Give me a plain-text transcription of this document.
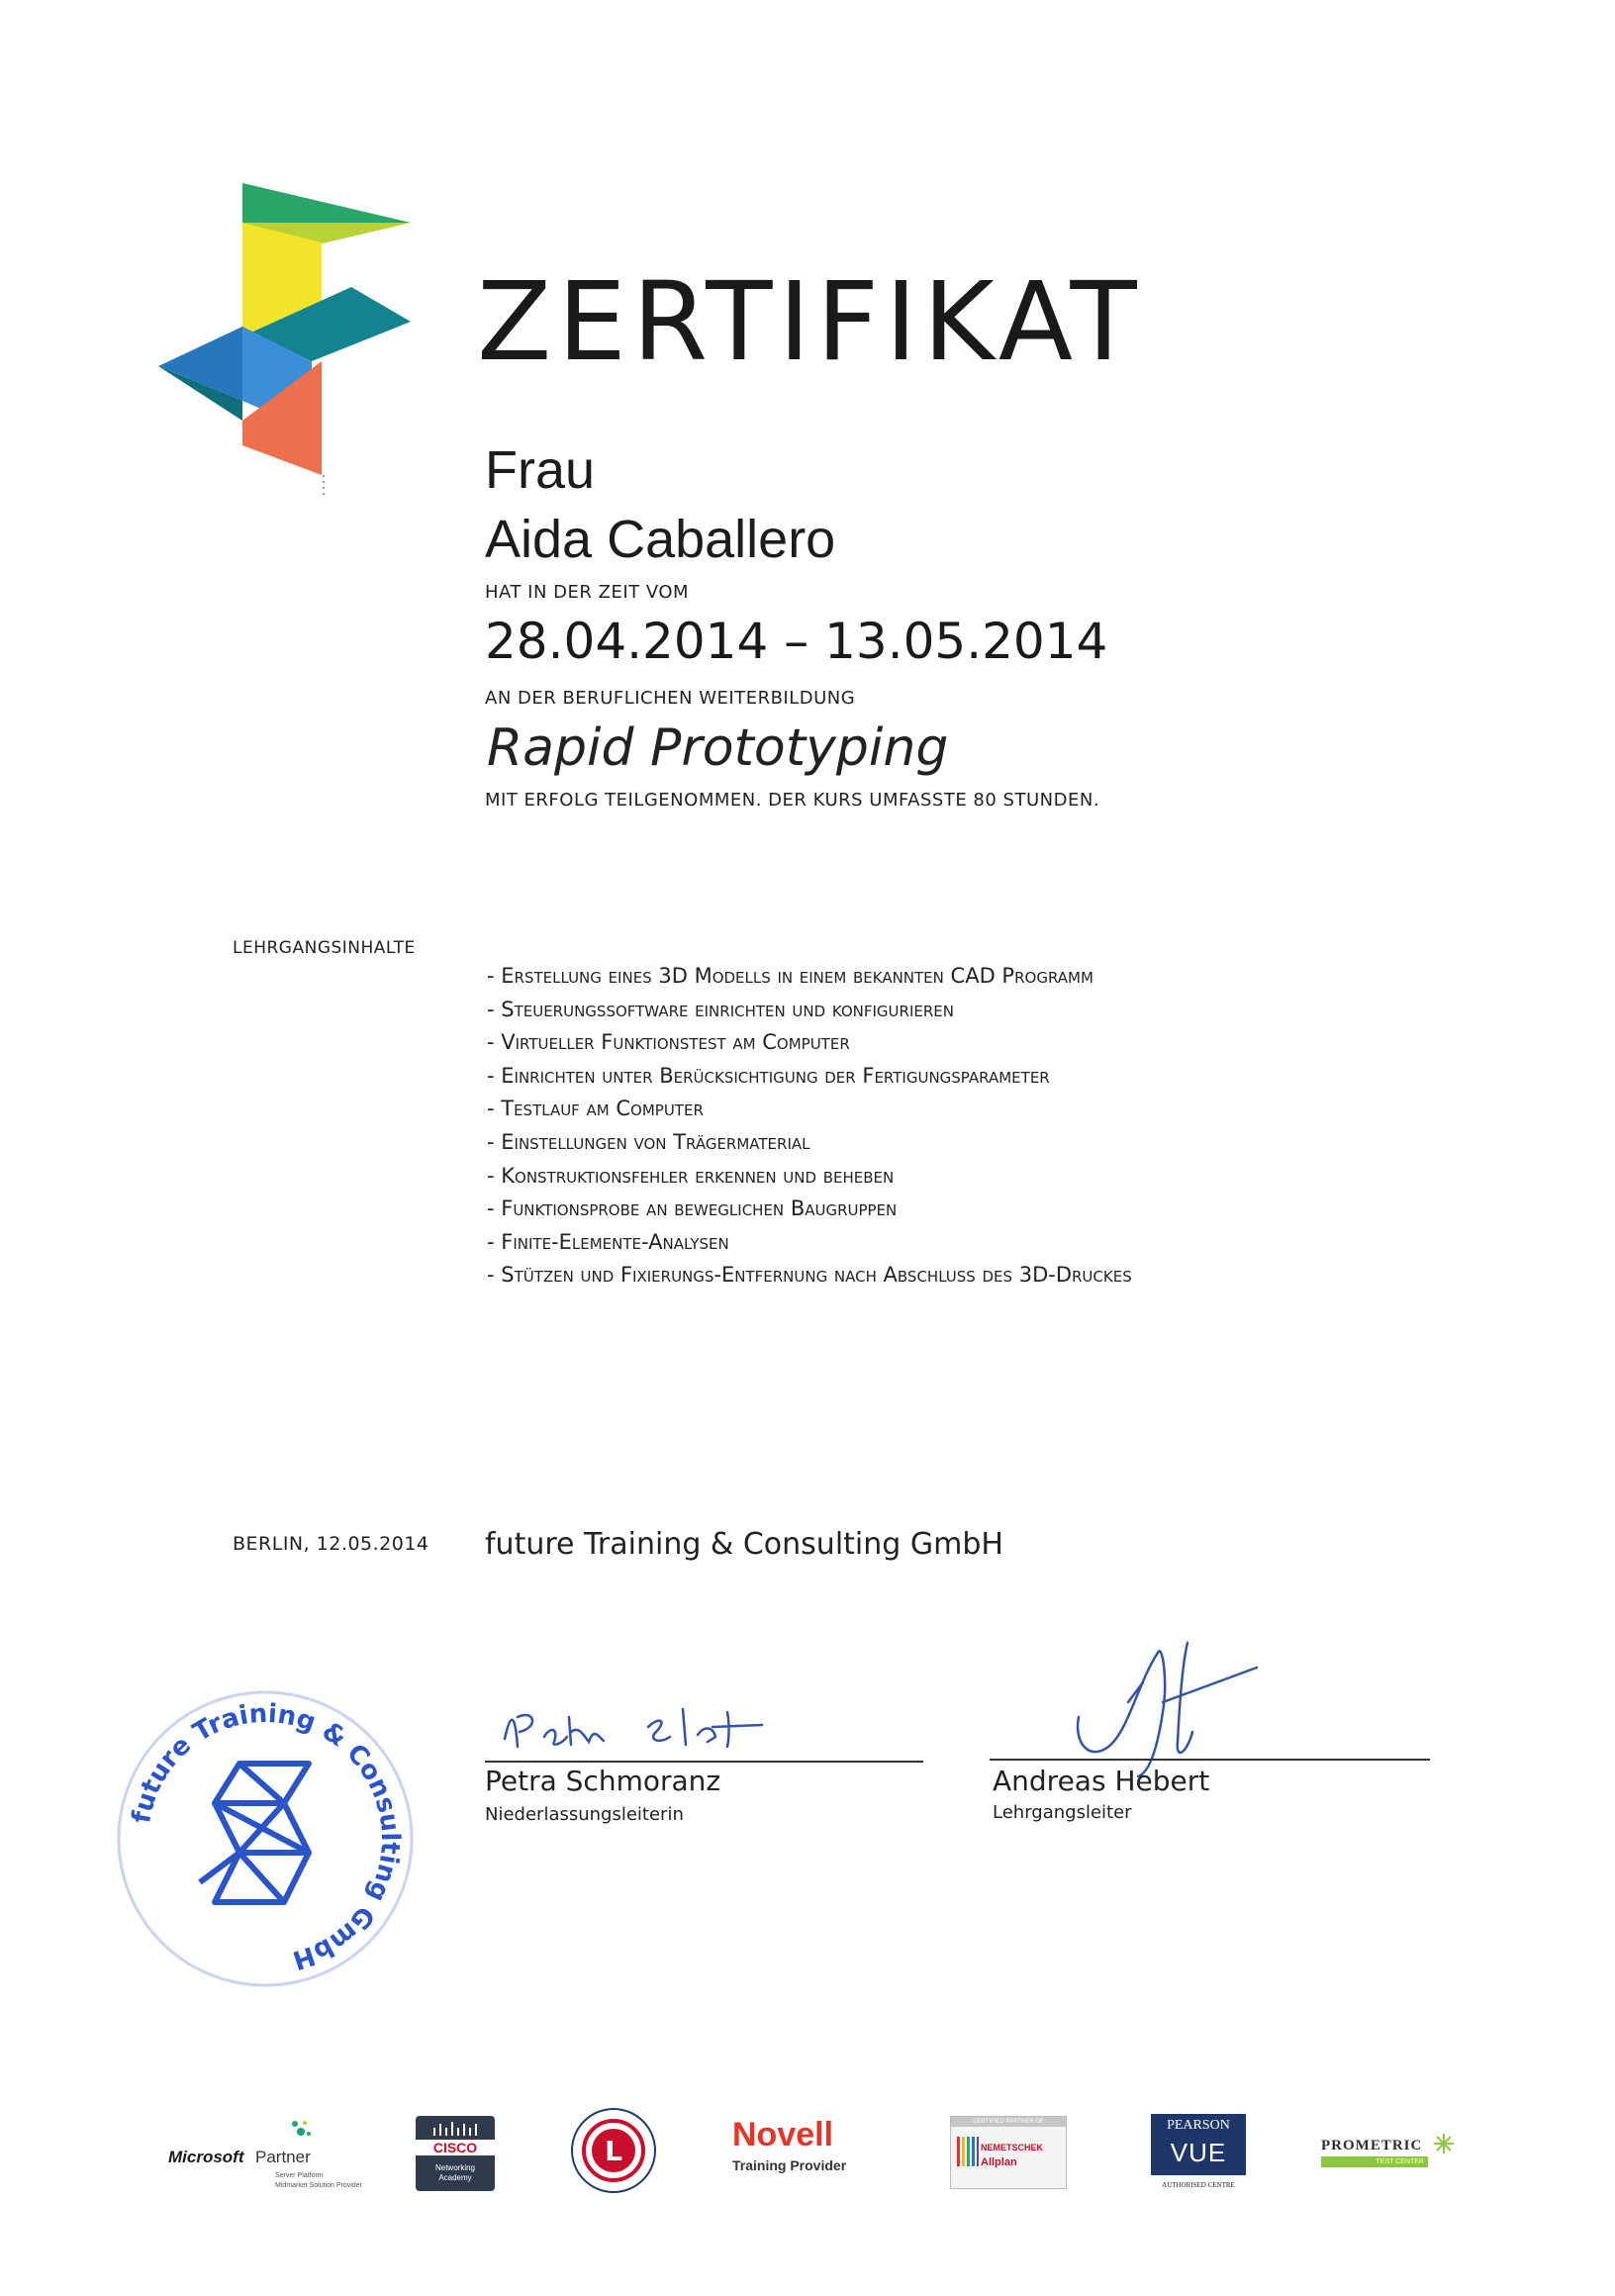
ZERTIFIKAT
Frau
Aida Caballero
HAT IN DER ZEIT VOM
28.04.2014 – 13.05.2014
AN DER BERUFLICHEN WEITERBILDUNG
Rapid Prototyping
MIT ERFOLG TEILGENOMMEN. DER KURS UMFASSTE 80 STUNDEN.
LEHRGANGSINHALTE
- Erstellung eines 3D Modells in einem bekannten CAD Programm
- Steuerungssoftware einrichten und konfigurieren
- Virtueller Funktionstest am Computer
- Einrichten unter Berücksichtigung der Fertigungsparameter
- Testlauf am Computer
- Einstellungen von Trägermaterial
- Konstruktionsfehler erkennen und beheben
- Funktionsprobe an beweglichen Baugruppen
- Finite-Elemente-Analysen
- Stützen und Fixierungs-Entfernung nach Abschluss des 3D-Druckes
BERLIN, 12.05.2014 future Training & Consulting GmbH
Petra Schmoranz
Niederlassungsleiterin
Andreas Hebert
Lehrgangsleiter
future Training & Consulting GmbH
Microsoft Partner
Server Platform
Midmarket Solution Provider
CISCO
Networking
Academy
L	Novell
Training Provider
CERTIFIED PARTNER OF
NEMETSCHEK
Allplan
PEARSON
VUE
AUTHORISED CENTRE
PROMETRIC
TEST CENTER
